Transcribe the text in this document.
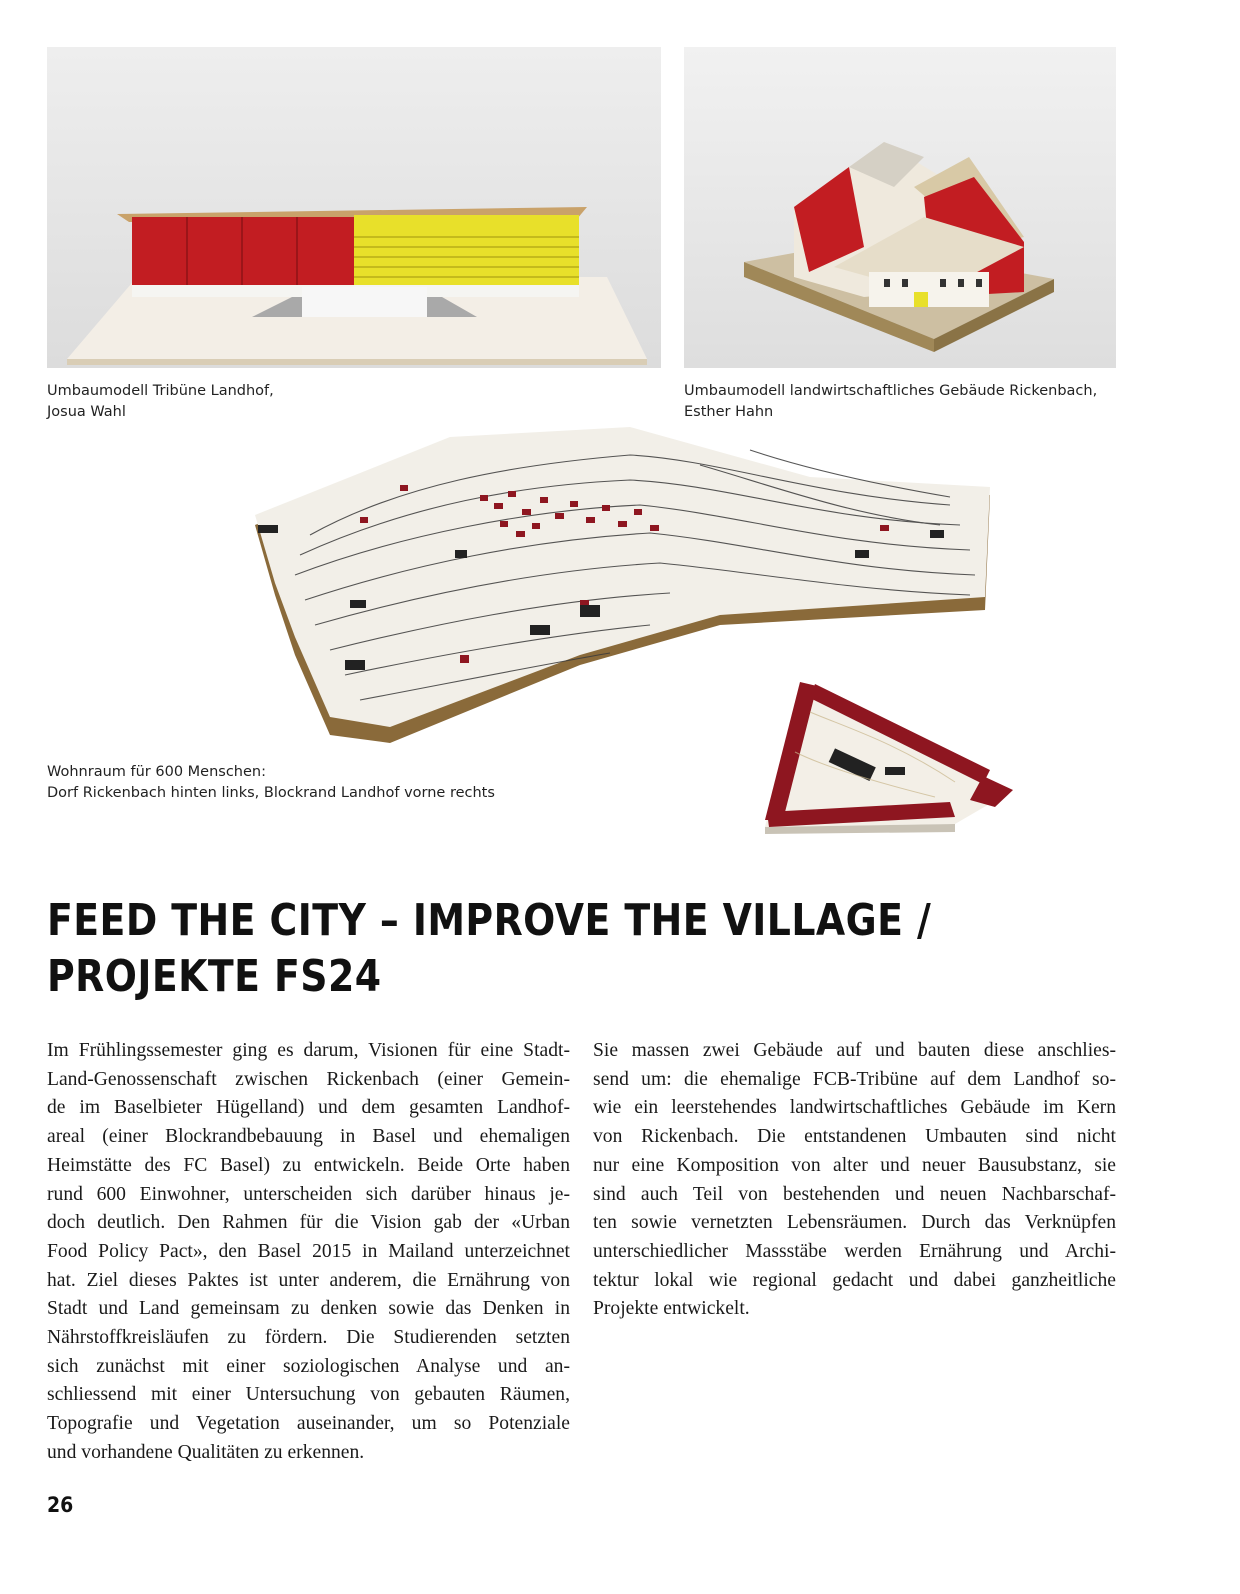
Umbaumodell Tribüne Landhof,
Josua Wahl

Umbaumodell landwirtschaftliches Gebäude Rickenbach,
Esther Hahn

Wohnraum für 600 Menschen:
Dorf Rickenbach hinten links, Blockrand Landhof vorne rechts

FEED THE CITY – IMPROVE THE VILLAGE /
PROJEKTE FS24
Im Frühlingssemester ging es darum, Visionen für eine Stadt-
Land-Genossenschaft zwischen Rickenbach (einer Gemein-
de im Baselbieter Hügelland) und dem gesamten Landhof-
areal (einer Blockrandbebauung in Basel und ehemaligen
Heimstätte des FC Basel) zu entwickeln. Beide Orte haben
rund 600 Einwohner, unterscheiden sich darüber hinaus je-
doch deutlich. Den Rahmen für die Vision gab der «Urban
Food Policy Pact», den Basel 2015 in Mailand unterzeichnet
hat. Ziel dieses Paktes ist unter anderem, die Ernährung von
Stadt und Land gemeinsam zu denken sowie das Denken in
Nährstoffkreisläufen zu fördern. Die Studierenden setzten
sich zunächst mit einer soziologischen Analyse und an-
schliessend mit einer Untersuchung von gebauten Räumen,
Topografie und Vegetation auseinander, um so Potenziale
und vorhandene Qualitäten zu erkennen.
Sie massen zwei Gebäude auf und bauten diese anschlies-
send um: die ehemalige FCB-Tribüne auf dem Landhof so-
wie ein leerstehendes landwirtschaftliches Gebäude im Kern
von Rickenbach. Die entstandenen Umbauten sind nicht
nur eine Komposition von alter und neuer Bausubstanz, sie
sind auch Teil von bestehenden und neuen Nachbarschaf-
ten sowie vernetzten Lebensräumen. Durch das Verknüpfen
unterschiedlicher Massstäbe werden Ernährung und Archi-
tektur lokal wie regional gedacht und dabei ganzheitliche
Projekte entwickelt.
26
